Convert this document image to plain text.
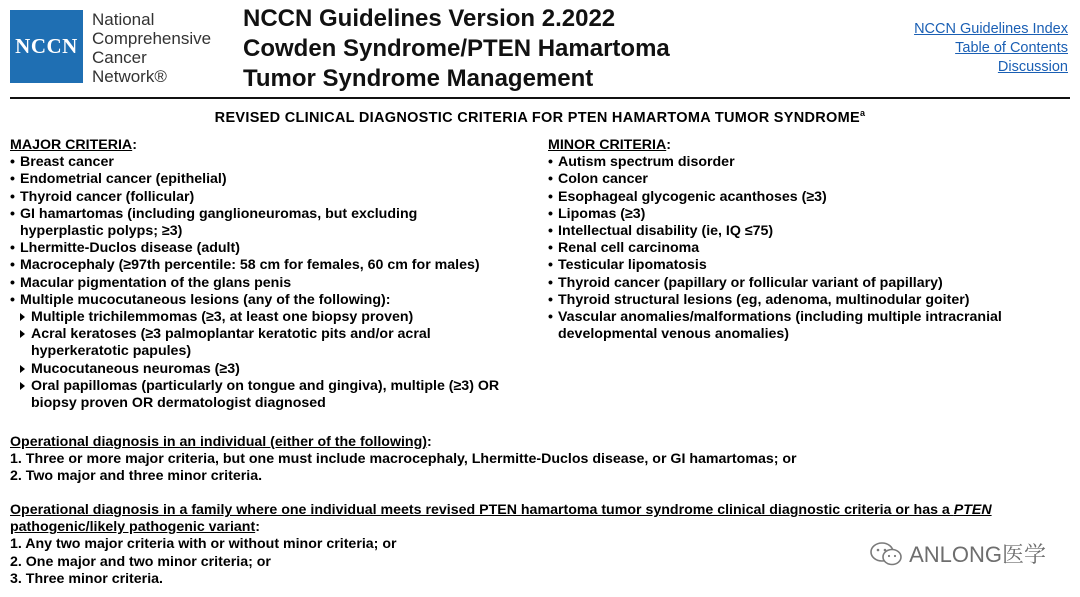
NCCN
National
Comprehensive
Cancer
Network®
NCCN Guidelines Version 2.2022
Cowden Syndrome/PTEN Hamartoma
Tumor Syndrome Management
NCCN Guidelines Index
Table of Contents
Discussion
REVISED CLINICAL DIAGNOSTIC CRITERIA FOR PTEN HAMARTOMA TUMOR SYNDROME$^a$
MAJOR CRITERIA:
• Breast cancer
• Endometrial cancer (epithelial)
• Thyroid cancer (follicular)
• GI hamartomas (including ganglioneuromas, but excluding hyperplastic polyps; ≥3)
• Lhermitte-Duclos disease (adult)
• Macrocephaly (≥97th percentile: 58 cm for females, 60 cm for males)
• Macular pigmentation of the glans penis
• Multiple mucocutaneous lesions (any of the following):
Multiple trichilemmomas (≥3, at least one biopsy proven)
Acral keratoses (≥3 palmoplantar keratotic pits and/or acral hyperkeratotic papules)
Mucocutaneous neuromas (≥3)
Oral papillomas (particularly on tongue and gingiva), multiple (≥3) OR biopsy proven OR dermatologist diagnosed
MINOR CRITERIA:
• Autism spectrum disorder
• Colon cancer
• Esophageal glycogenic acanthoses (≥3)
• Lipomas (≥3)
• Intellectual disability (ie, IQ ≤75)
• Renal cell carcinoma
• Testicular lipomatosis
• Thyroid cancer (papillary or follicular variant of papillary)
• Thyroid structural lesions (eg, adenoma, multinodular goiter)
• Vascular anomalies/malformations (including multiple intracranial developmental venous anomalies)
Operational diagnosis in an individual (either of the following):
1. Three or more major criteria, but one must include macrocephaly, Lhermitte-Duclos disease, or GI hamartomas; or
2. Two major and three minor criteria.
Operational diagnosis in a family where one individual meets revised PTEN hamartoma tumor syndrome clinical diagnostic criteria or has a PTEN pathogenic/likely pathogenic variant:
1. Any two major criteria with or without minor criteria; or
2. One major and two minor criteria; or
3. Three minor criteria.
ANLONG医学
